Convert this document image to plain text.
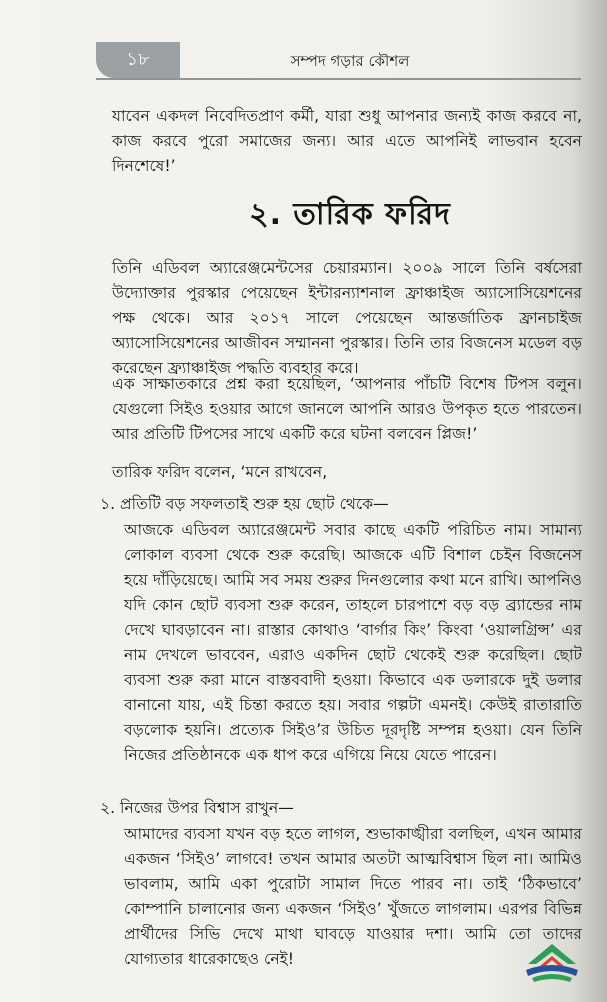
১৮	সম্পদ গড়ার কৌশল

যাবেন একদল নিবেদিতপ্রাণ কর্মী, যারা শুধু আপনার জন্যই কাজ করবে না, কাজ করবে পুরো সমাজের জন্য। আর এতে আপনিই লাভবান হবেন দিনশেষে!’

২. তারিক ফরিদ

তিনি এডিবল অ্যারেঞ্জমেন্টসের চেয়ারম্যান। ২০০৯ সালে তিনি বর্ষসেরা উদ্যোক্তার পুরস্কার পেয়েছেন ইন্টারন্যাশনাল ফ্রাঞ্চাইজ অ্যাসোসিয়েশনের পক্ষ থেকে। আর ২০১৭ সালে পেয়েছেন আন্তর্জাতিক ফ্রানচাইজ অ্যাসোসিয়েশনের আজীবন সম্মাননা পুরস্কার। তিনি তার বিজনেস মডেল বড় করেছেন ফ্র্যাঞ্চাইজ পদ্ধতি ব্যবহার করে।

এক সাক্ষাতকারে প্রশ্ন করা হয়েছিল, ‘আপনার পাঁচটি বিশেষ টিপস বলুন। যেগুলো সিইও হওয়ার আগে জানলে আপনি আরও উপকৃত হতে পারতেন। আর প্রতিটি টিপসের সাথে একটি করে ঘটনা বলবেন প্লিজ!’

তারিক ফরিদ বলেন, ‘মনে রাখবেন,

১. প্রতিটি বড় সফলতাই শুরু হয় ছোট থেকে—

আজকে এডিবল অ্যারেঞ্জমেন্ট সবার কাছে একটি পরিচিত নাম। সামান্য লোকাল ব্যবসা থেকে শুরু করেছি। আজকে এটি বিশাল চেইন বিজনেস হয়ে দাঁড়িয়েছে। আমি সব সময় শুরুর দিনগুলোর কথা মনে রাখি। আপনিও যদি কোন ছোট ব্যবসা শুরু করেন, তাহলে চারপাশে বড় বড় ব্র্যান্ডের নাম দেখে ঘাবড়াবেন না। রাস্তার কোথাও ‘বার্গার কিং’ কিংবা ‘ওয়ালগ্রিন্স’ এর নাম দেখলে ভাববেন, এরাও একদিন ছোট থেকেই শুরু করেছিল। ছোট ব্যবসা শুরু করা মানে বাস্তববাদী হওয়া। কিভাবে এক ডলারকে দুই ডলার বানানো যায়, এই চিন্তা করতে হয়। সবার গল্পটা এমনই। কেউই রাতারাতি বড়লোক হয়নি। প্রত্যেক সিইও’র উচিত দূরদৃষ্টি সম্পন্ন হওয়া। যেন তিনি নিজের প্রতিষ্ঠানকে এক ধাপ করে এগিয়ে নিয়ে যেতে পারেন।

২. নিজের উপর বিশ্বাস রাখুন—

আমাদের ব্যবসা যখন বড় হতে লাগল, শুভাকাঙ্খীরা বলছিল, এখন আমার একজন ‘সিইও’ লাগবে! তখন আমার অতটা আত্মবিশ্বাস ছিল না। আমিও ভাবলাম, আমি একা পুরোটা সামাল দিতে পারব না। তাই ‘ঠিকভাবে’ কোম্পানি চালানোর জন্য একজন ‘সিইও’ খুঁজতে লাগলাম। এরপর বিভিন্ন প্রার্থীদের সিভি দেখে মাথা ঘাবড়ে যাওয়ার দশা। আমি তো তাদের যোগ্যতার ধারেকাছেও নেই!
